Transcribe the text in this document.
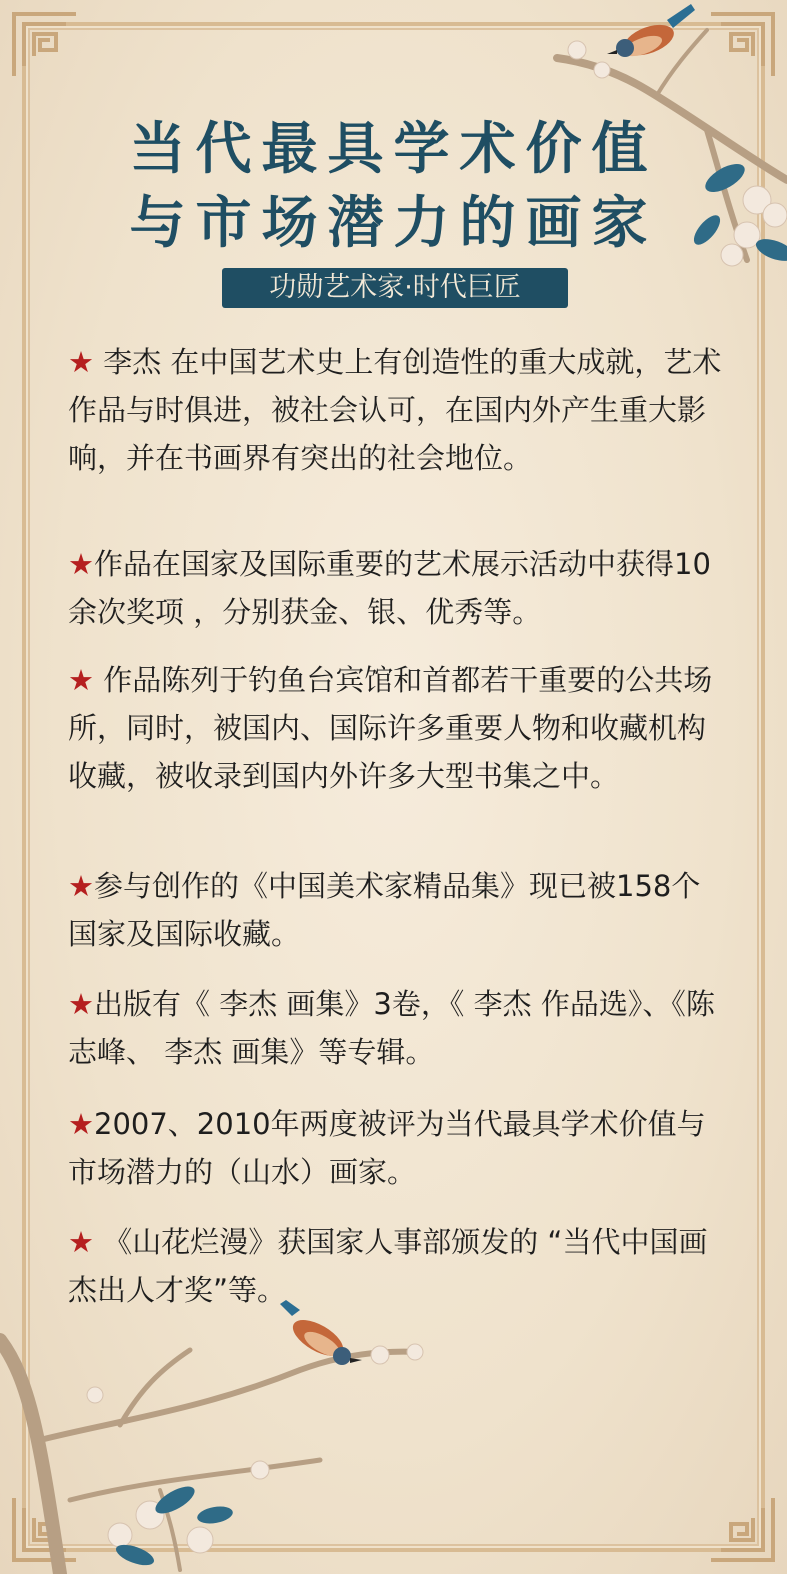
当代最具学术价值
与市场潜力的画家
功勋艺术家·时代巨匠
★ 李杰 在中国艺术史上有创造性的重大成就，艺术作品与时俱进，被社会认可，在国内外产生重大影响，并在书画界有突出的社会地位。
★作品在国家及国际重要的艺术展示活动中获得10余次奖项 ，分别获金、银、优秀等。
★ 作品陈列于钓鱼台宾馆和首都若干重要的公共场所，同时，被国内、国际许多重要人物和收藏机构收藏，被收录到国内外许多大型书集之中。
★参与创作的《中国美术家精品集》现已被158个国家及国际收藏。
★出版有《 李杰 画集》3卷，《 李杰 作品选》、《陈志峰、 李杰 画集》等专辑。
★2007、2010年两度被评为当代最具学术价值与市场潜力的（山水）画家。
★ 《山花烂漫》获国家人事部颁发的 “当代中国画杰出人才奖”等。
